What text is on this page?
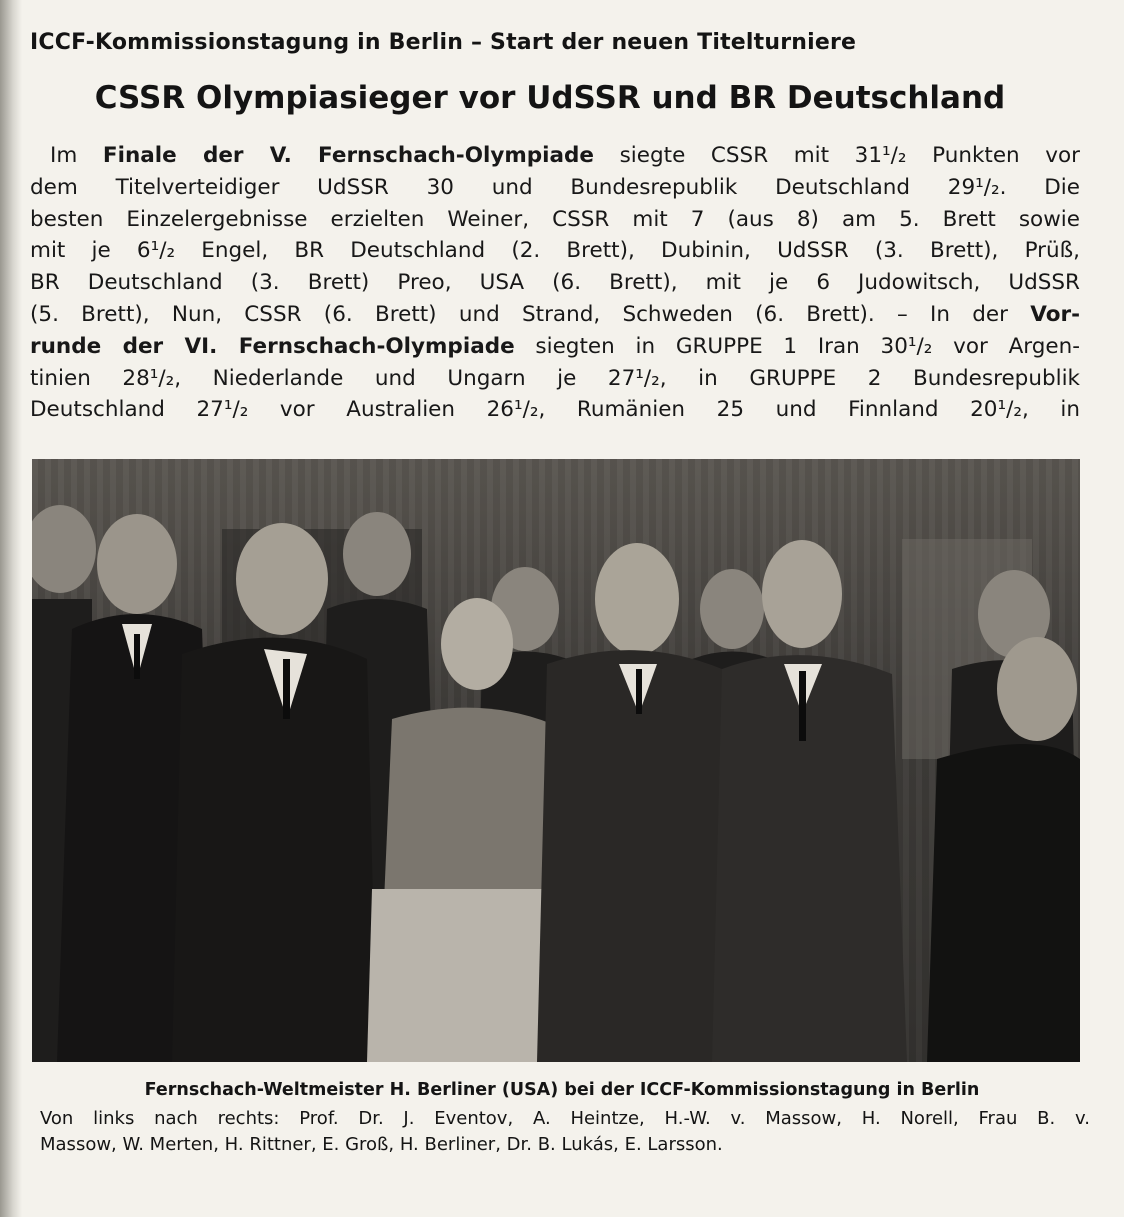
ICCF-Kommissionstagung in Berlin – Start der neuen Titelturniere
CSSR Olympiasieger vor UdSSR und BR Deutschland
Im Finale der V. Fernschach-Olympiade siegte CSSR mit 31¹/₂ Punkten vor
dem Titelverteidiger UdSSR 30 und Bundesrepublik Deutschland 29¹/₂. Die
besten Einzelergebnisse erzielten Weiner, CSSR mit 7 (aus 8) am 5. Brett sowie
mit je 6¹/₂ Engel, BR Deutschland (2. Brett), Dubinin, UdSSR (3. Brett), Prüß,
BR Deutschland (3. Brett) Preo, USA (6. Brett), mit je 6 Judowitsch, UdSSR
(5. Brett), Nun, CSSR (6. Brett) und Strand, Schweden (6. Brett). – In der Vor-
runde der VI. Fernschach-Olympiade siegten in GRUPPE 1 Iran 30¹/₂ vor Argen-
tinien 28¹/₂, Niederlande und Ungarn je 27¹/₂, in GRUPPE 2 Bundesrepublik
Deutschland 27¹/₂ vor Australien 26¹/₂, Rumänien 25 und Finnland 20¹/₂, in
Fernschach-Weltmeister H. Berliner (USA) bei der ICCF-Kommissionstagung in Berlin
Von links nach rechts: Prof. Dr. J. Eventov, A. Heintze, H.-W. v. Massow, H. Norell, Frau B. v.
Massow, W. Merten, H. Rittner, E. Groß, H. Berliner, Dr. B. Lukás, E. Larsson.
